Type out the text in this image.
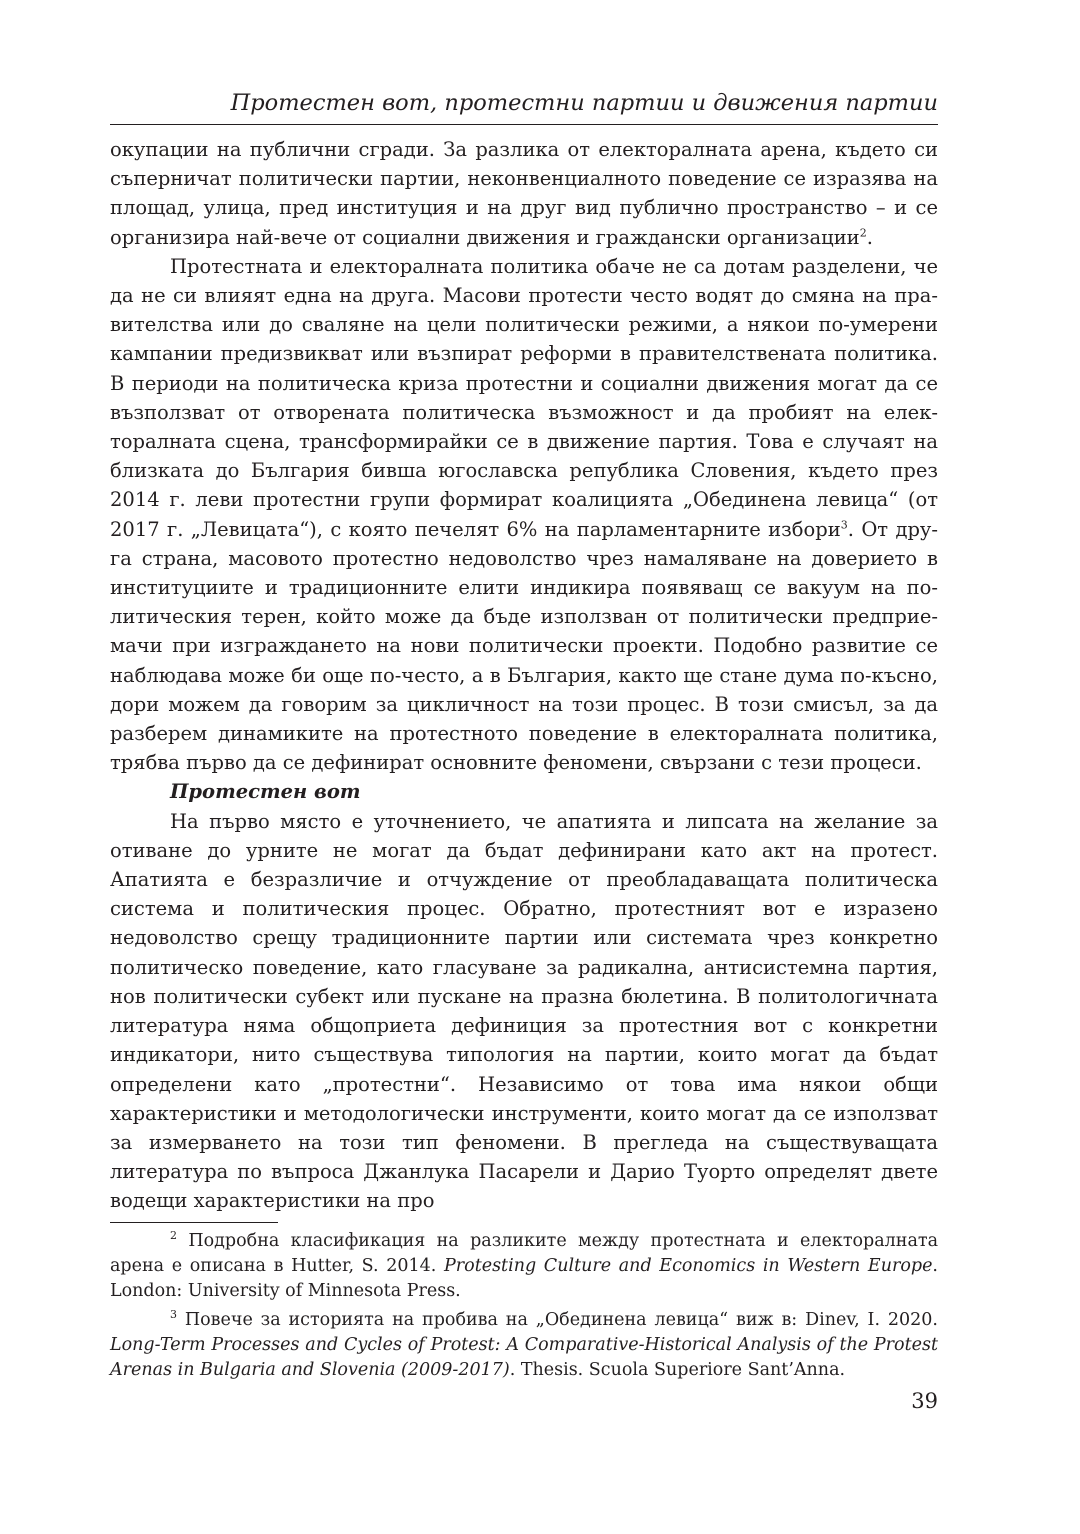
Протестен вот, протестни партии и движения партии

окупации на публични сгради. За разлика от електоралната арена, където си съперничат политически партии, неконвенциалното поведение се изразява на площад, улица, пред институция и на друг вид публично пространство – и се организира най-вече от социални движения и граждански организации$^2$.

Протестната и електоралната политика обаче не са дотам разделени, че да не си влияят една на друга. Масови протести често водят до смяна на правителства или до сваляне на цели политически режими, а някои по-умерени кампании предизвикват или възпират реформи в правителствената политика. В периоди на политическа криза протестни и социални движения могат да се възползват от отворената политическа възможност и да пробият на електоралната сцена, трансформирайки се в движение партия. Това е случаят на близката до България бивша югославска република Словения, където през 2014 г. леви протестни групи формират коалицията „Обединена левица“ (от 2017 г. „Левицата“), с която печелят 6% на парламентарните избори$^3$. От друга страна, масовото протестно недоволство чрез намаляване на доверието в институциите и традиционните елити индикира появяващ се вакуум на политическия терен, който може да бъде използван от политически предприемачи при изграждането на нови политически проекти. Подобно развитие се наблюдава може би още по-често, а в България, както ще стане дума по-късно, дори можем да говорим за цикличност на този процес. В този смисъл, за да разберем динамиките на протестното поведение в електоралната политика, трябва първо да се дефинират основните феномени, свързани с тези процеси.

Протестен вот

На първо място е уточнението, че апатията и липсата на желание за отиване до урните не могат да бъдат дефинирани като акт на протест. Апатията е безразличие и отчуждение от преобладаващата политическа система и политическия процес. Обратно, протестният вот е изразено недоволство срещу традиционните партии или системата чрез конкретно политическо поведение, като гласуване за радикална, антисистемна партия, нов политически субект или пускане на празна бюлетина. В политологичната литература няма общоприета дефиниция за протестния вот с конкретни индикатори, нито съществува типология на партии, които могат да бъдат определени като „протестни“. Независимо от това има някои общи характеристики и методологически инструменти, които могат да се използват за измерването на този тип феномени. В прегледа на съществуващата литература по въпроса Джанлука Пасарели и Дарио Туорто определят двете водещи характеристики на про

$^2$ Подробна класификация на разликите между протестната и електоралната арена е описана в Hutter, S. 2014. Protesting Culture and Economics in Western Europe. London: University of Minnesota Press.

$^3$ Повече за историята на пробива на „Обединена левица“ виж в: Dinev, I. 2020. Long-Term Processes and Cycles of Protest: A Comparative-Historical Analysis of the Protest Arenas in Bulgaria and Slovenia (2009-2017). Thesis. Scuola Superiore Sant’Anna.

39
